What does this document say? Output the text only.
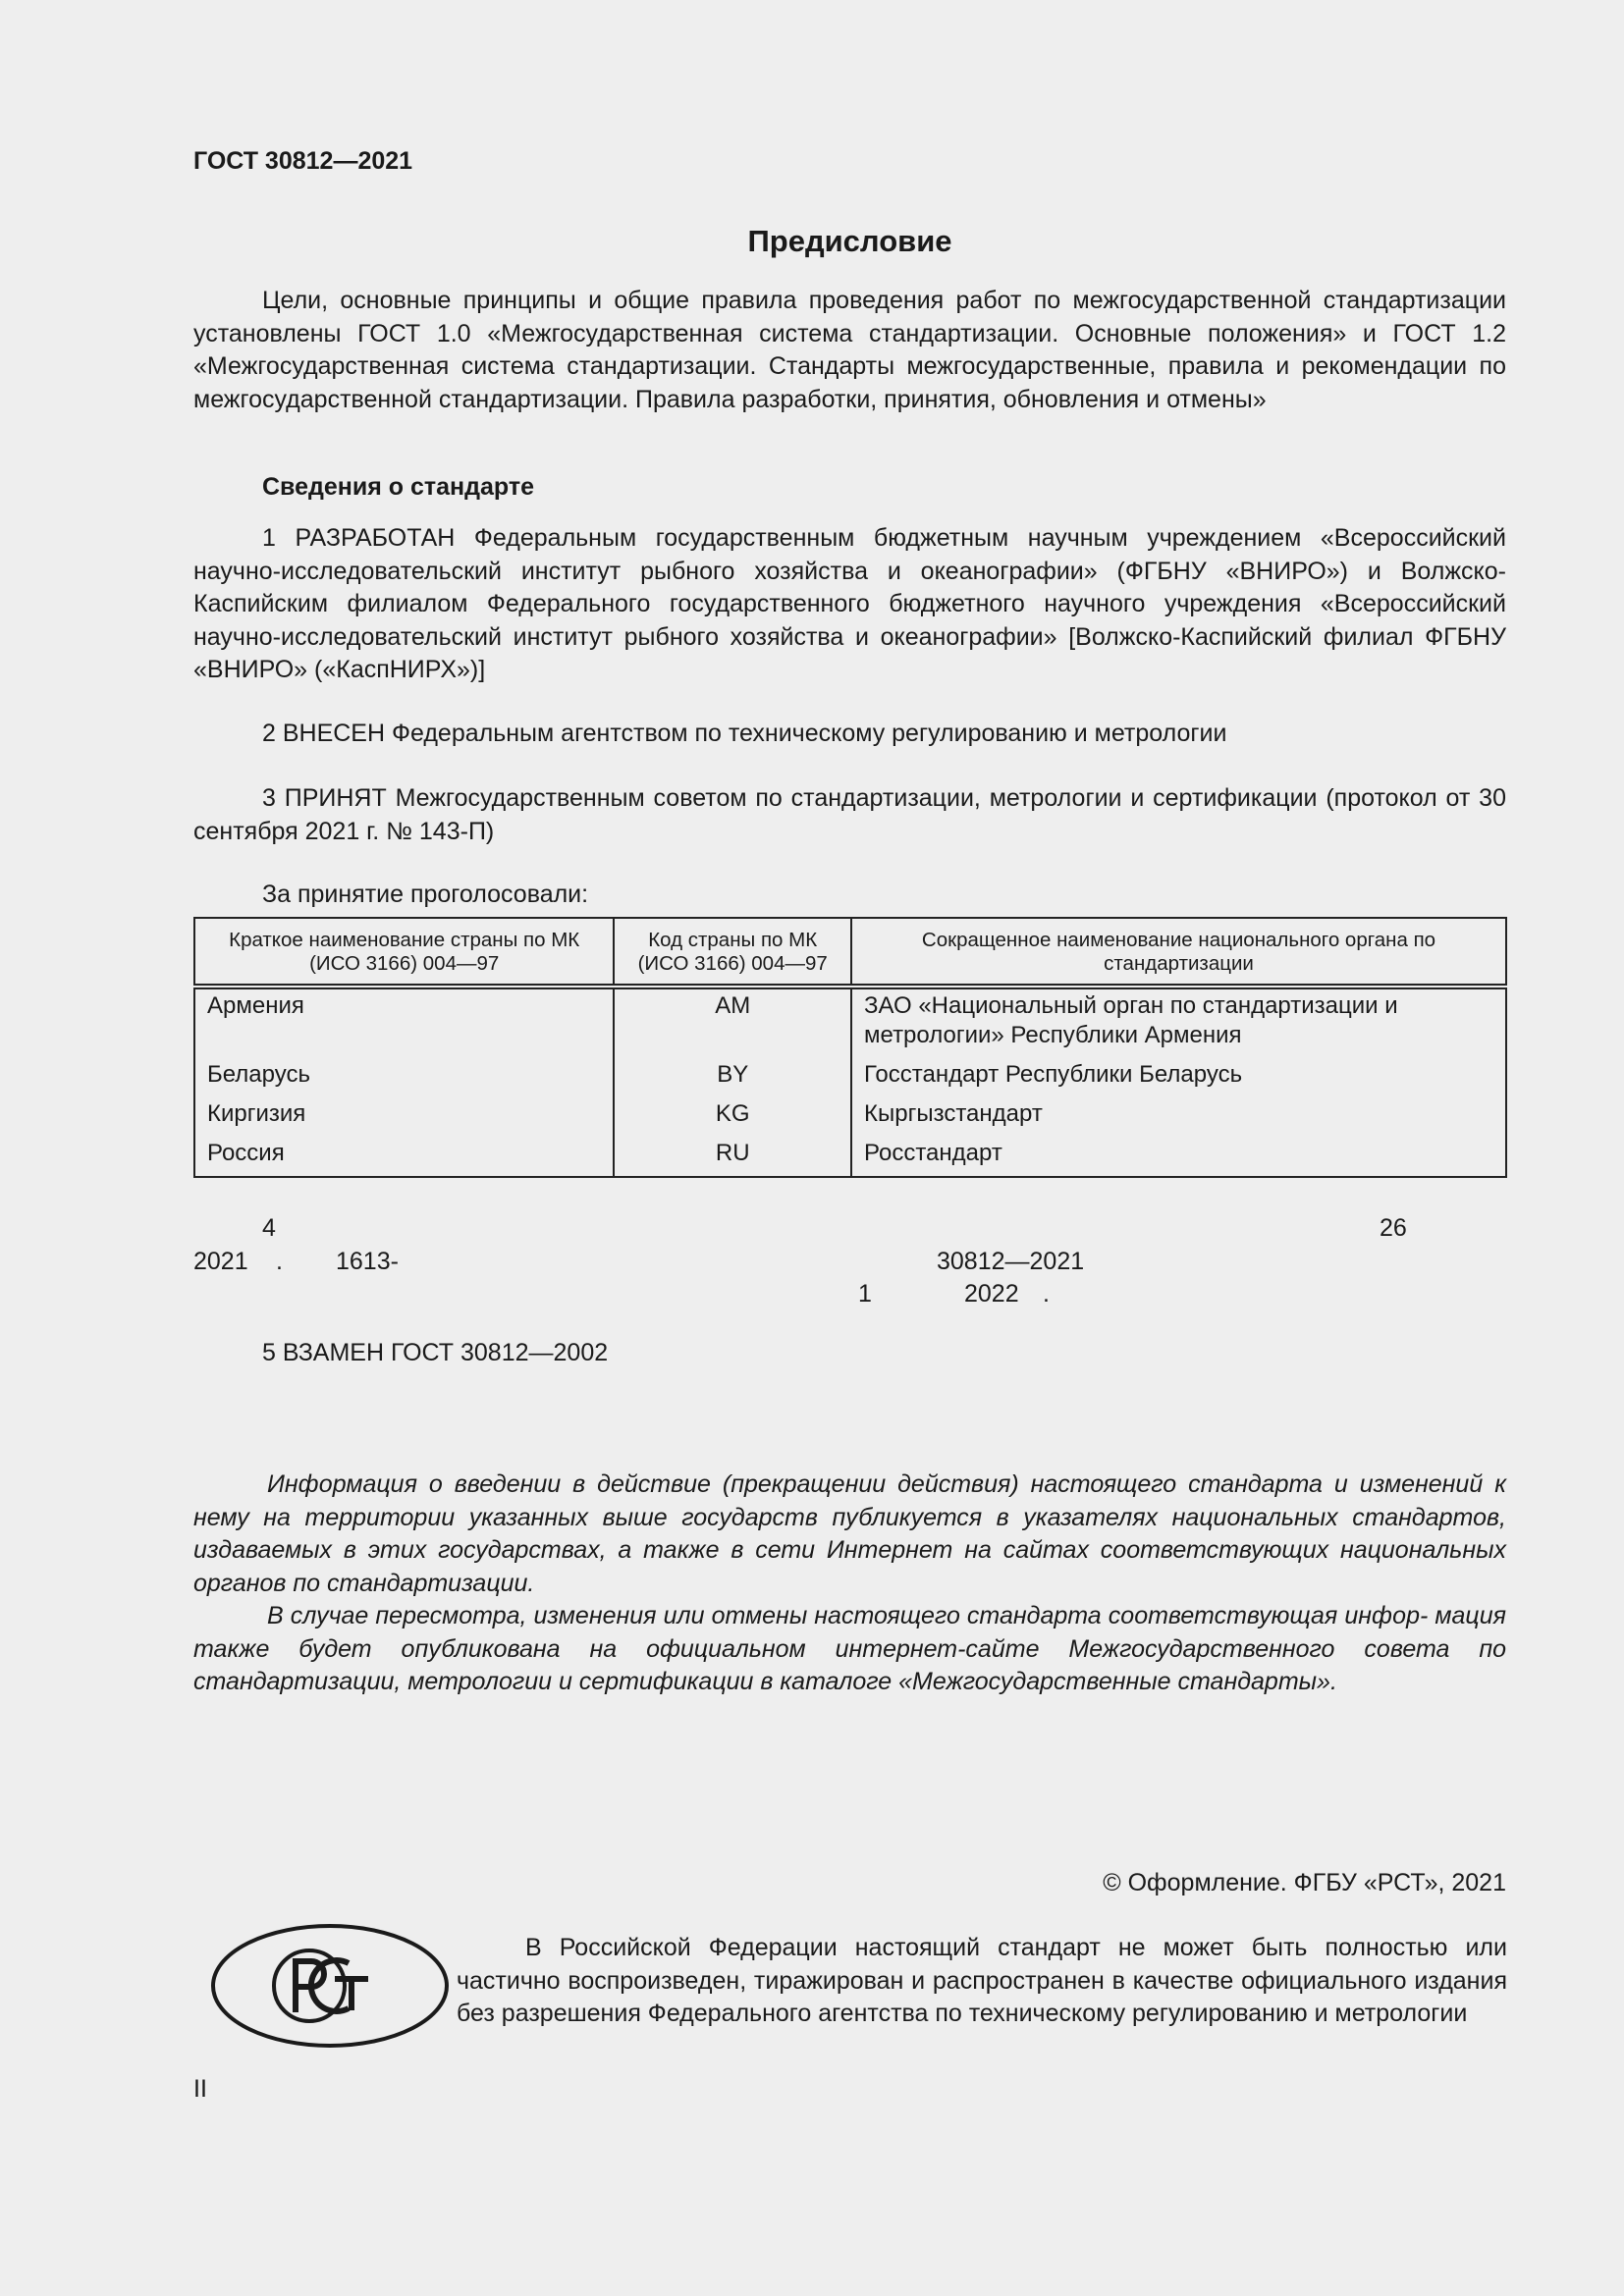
ГОСТ 30812—2021
Предисловие

Цели, основные принципы и общие правила проведения работ по межгосударственной стандартизации установлены ГОСТ 1.0 «Межгосударственная система стандартизации. Основные положения» и ГОСТ 1.2 «Межгосударственная система стандартизации. Стандарты межгосударственные, правила и рекомендации по межгосударственной стандартизации. Правила разработки, принятия, обновления и отмены»

Сведения о стандарте

1 РАЗРАБОТАН Федеральным государственным бюджетным научным учреждением «Всероссийский научно-исследовательский институт рыбного хозяйства и океанографии» (ФГБНУ «ВНИРО») и Волжско-Каспийским филиалом Федерального государственного бюджетного научного учреждения «Всероссийский научно-исследовательский институт рыбного хозяйства и океанографии» [Волжско-Каспийский филиал ФГБНУ «ВНИРО» («КаспНИРХ»)]

2 ВНЕСЕН Федеральным агентством по техническому регулированию и метрологии

3 ПРИНЯТ Межгосударственным советом по стандартизации, метрологии и сертификации (протокол от 30 сентября 2021 г. № 143-П)

За принятие проголосовали:
Краткое наименование страны по МК (ИСО 3166) 004—97	Код страны по МК (ИСО 3166) 004—97	Сокращенное наименование национального органа по стандартизации
Армения	AM	ЗАО «Национальный орган по стандартизации и метрологии» Республики Армения
Беларусь	BY	Госстандарт Республики Беларусь
Киргизия	KG	Кыргызстандарт
Россия	RU	Росстандарт
4	26
2021 . 1613-	30812—2021
1	2022 .

5 ВЗАМЕН ГОСТ 30812—2002

Информация о введении в действие (прекращении действия) настоящего стандарта и изменений к нему на территории указанных выше государств публикуется в указателях национальных стандартов, издаваемых в этих государствах, а также в сети Интернет на сайтах соответствующих национальных органов по стандартизации.

В случае пересмотра, изменения или отмены настоящего стандарта соответствующая инфор- мация также будет опубликована на официальном интернет-сайте Межгосударственного совета по стандартизации, метрологии и сертификации в каталоге «Межгосударственные стандарты».

© Оформление. ФГБУ «РСТ», 2021

В Российской Федерации настоящий стандарт не может быть полностью или частично воспроизведен, тиражирован и распространен в качестве официального издания без разрешения Федерального агентства по техническому регулированию и метрологии

II
